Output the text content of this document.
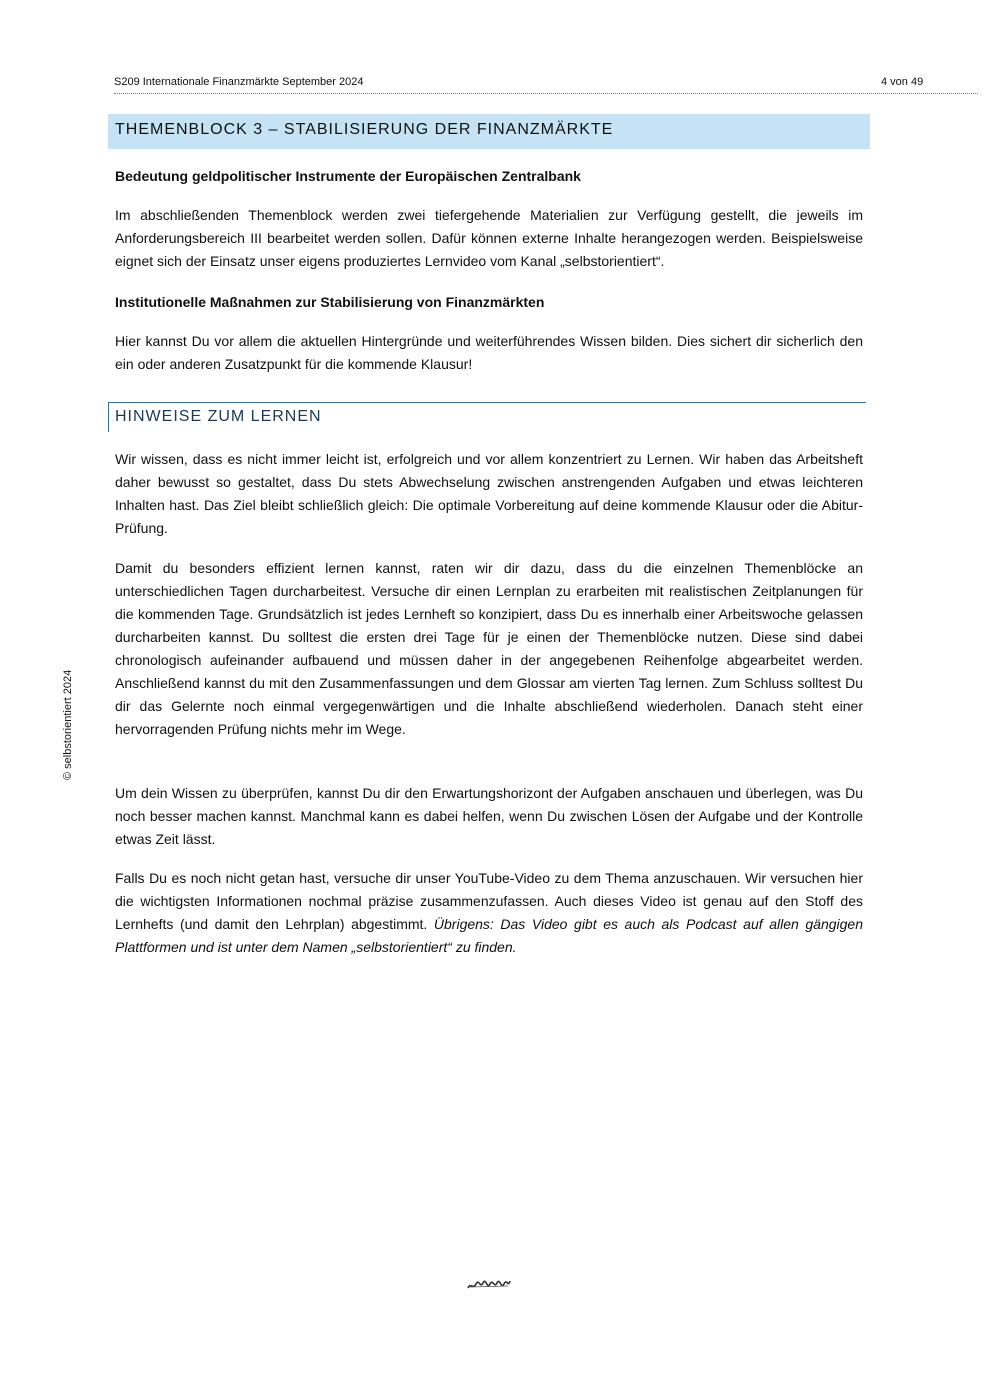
S209 Internationale Finanzmärkte September 2024	4 von 49
THEMENBLOCK 3 – STABILISIERUNG DER FINANZMÄRKTE
Bedeutung geldpolitischer Instrumente der Europäischen Zentralbank

Im abschließenden Themenblock werden zwei tiefergehende Materialien zur Verfügung gestellt, die jeweils im Anforderungsbereich III bearbeitet werden sollen. Dafür können externe Inhalte herangezogen werden. Beispielsweise eignet sich der Einsatz unser eigens produziertes Lernvideo vom Kanal „selbstorientiert“.

Institutionelle Maßnahmen zur Stabilisierung von Finanzmärkten

Hier kannst Du vor allem die aktuellen Hintergründe und weiterführendes Wissen bilden. Dies sichert dir sicherlich den ein oder anderen Zusatzpunkt für die kommende Klausur!

HINWEISE ZUM LERNEN

Wir wissen, dass es nicht immer leicht ist, erfolgreich und vor allem konzentriert zu Lernen. Wir haben das Arbeitsheft daher bewusst so gestaltet, dass Du stets Abwechselung zwischen anstrengenden Aufgaben und etwas leichteren Inhalten hast. Das Ziel bleibt schließlich gleich: Die optimale Vorbereitung auf deine kommende Klausur oder die Abitur-Prüfung.

Damit du besonders effizient lernen kannst, raten wir dir dazu, dass du die einzelnen Themenblöcke an unterschiedlichen Tagen durcharbeitest. Versuche dir einen Lernplan zu erarbeiten mit realistischen Zeitplanungen für die kommenden Tage. Grundsätzlich ist jedes Lernheft so konzipiert, dass Du es innerhalb einer Arbeitswoche gelassen durcharbeiten kannst. Du solltest die ersten drei Tage für je einen der Themenblöcke nutzen. Diese sind dabei chronologisch aufeinander aufbauend und müssen daher in der angegebenen Reihenfolge abgearbeitet werden. Anschließend kannst du mit den Zusammenfassungen und dem Glossar am vierten Tag lernen. Zum Schluss solltest Du dir das Gelernte noch einmal vergegenwärtigen und die Inhalte abschließend wiederholen. Danach steht einer hervorragenden Prüfung nichts mehr im Wege.

Um dein Wissen zu überprüfen, kannst Du dir den Erwartungshorizont der Aufgaben anschauen und überlegen, was Du noch besser machen kannst. Manchmal kann es dabei helfen, wenn Du zwischen Lösen der Aufgabe und der Kontrolle etwas Zeit lässt.

Falls Du es noch nicht getan hast, versuche dir unser YouTube-Video zu dem Thema anzuschauen. Wir versuchen hier die wichtigsten Informationen nochmal präzise zusammenzufassen. Auch dieses Video ist genau auf den Stoff des Lernhefts (und damit den Lehrplan) abgestimmt. Übrigens: Das Video gibt es auch als Podcast auf allen gängigen Plattformen und ist unter dem Namen „selbstorientiert“ zu finden.

© selbstorientiert 2024
